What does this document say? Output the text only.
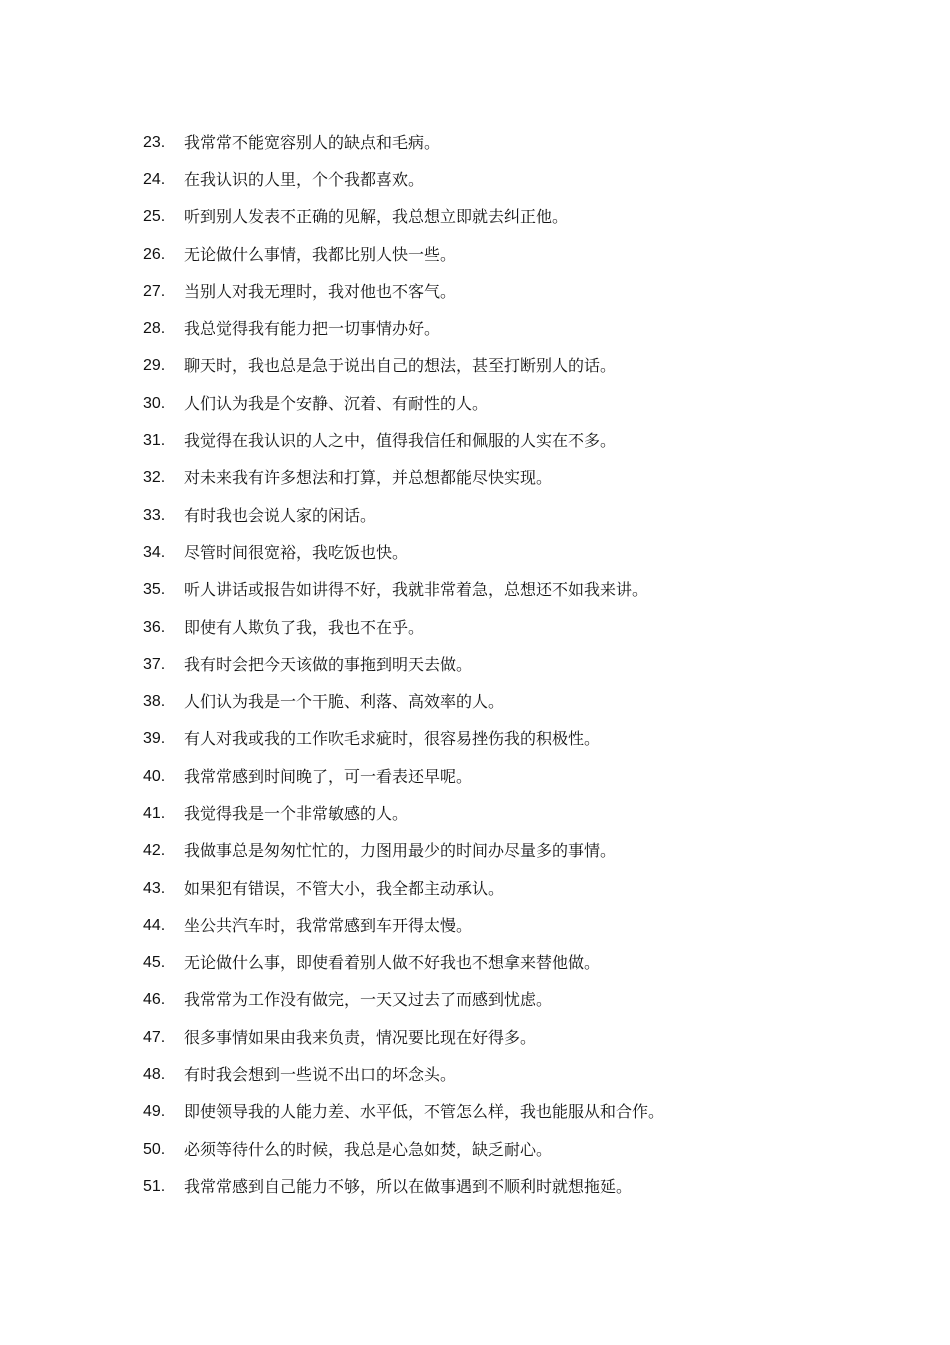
23.	我常常不能宽容别人的缺点和毛病。
24.	在我认识的人里，个个我都喜欢。
25.	听到别人发表不正确的见解，我总想立即就去纠正他。
26.	无论做什么事情，我都比别人快一些。
27.	当别人对我无理时，我对他也不客气。
28.	我总觉得我有能力把一切事情办好。
29.	聊天时，我也总是急于说出自己的想法，甚至打断别人的话。
30.	人们认为我是个安静、沉着、有耐性的人。
31.	我觉得在我认识的人之中，值得我信任和佩服的人实在不多。
32.	对未来我有许多想法和打算，并总想都能尽快实现。
33.	有时我也会说人家的闲话。
34.	尽管时间很宽裕，我吃饭也快。
35.	听人讲话或报告如讲得不好，我就非常着急，总想还不如我来讲。
36.	即使有人欺负了我，我也不在乎。
37.	我有时会把今天该做的事拖到明天去做。
38.	人们认为我是一个干脆、利落、高效率的人。
39.	有人对我或我的工作吹毛求疵时，很容易挫伤我的积极性。
40.	我常常感到时间晚了，可一看表还早呢。
41.	我觉得我是一个非常敏感的人。
42.	我做事总是匆匆忙忙的，力图用最少的时间办尽量多的事情。
43.	如果犯有错误，不管大小，我全都主动承认。
44.	坐公共汽车时，我常常感到车开得太慢。
45.	无论做什么事，即使看着别人做不好我也不想拿来替他做。
46.	我常常为工作没有做完，一天又过去了而感到忧虑。
47.	很多事情如果由我来负责，情况要比现在好得多。
48.	有时我会想到一些说不出口的坏念头。
49.	即使领导我的人能力差、水平低，不管怎么样，我也能服从和合作。
50.	必须等待什么的时候，我总是心急如焚，缺乏耐心。
51.	我常常感到自己能力不够，所以在做事遇到不顺利时就想拖延。
